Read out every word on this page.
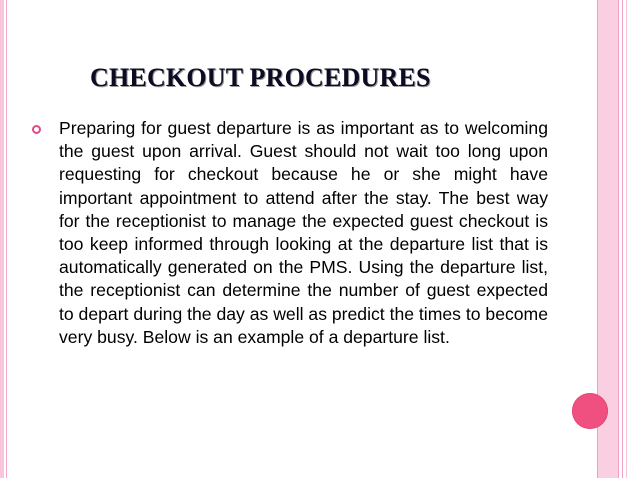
CHECKOUT PROCEDURES

Preparing for guest departure is as important as to welcoming the guest upon arrival. Guest should not wait too long upon requesting for checkout because he or she might have important appointment to attend after the stay. The best way for the receptionist to manage the expected guest checkout is too keep informed through looking at the departure list that is automatically generated on the PMS. Using the departure list, the receptionist can determine the number of guest expected to depart during the day as well as predict the times to become very busy. Below is an example of a departure list.
